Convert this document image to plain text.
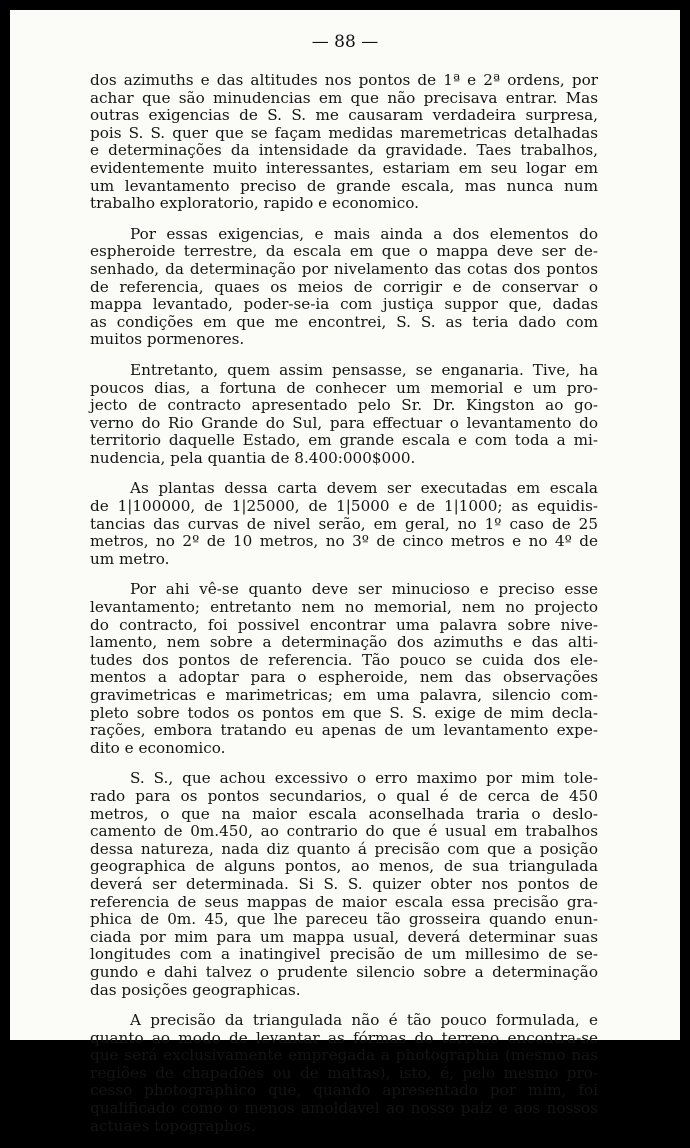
— 88 —

dos azimuths e das altitudes nos pontos de 1ª e 2ª ordens, por
achar que são minudencias em que não precisava entrar. Mas
outras exigencias de S. S. me causaram verdadeira surpresa,
pois S. S. quer que se façam medidas maremetricas detalhadas
e determinações da intensidade da gravidade. Taes trabalhos,
evidentemente muito interessantes, estariam em seu logar em
um levantamento preciso de grande escala, mas nunca num
trabalho exploratorio, rapido e economico.

Por essas exigencias, e mais ainda a dos elementos do
espheroide terrestre, da escala em que o mappa deve ser de-
senhado, da determinação por nivelamento das cotas dos pontos
de referencia, quaes os meios de corrigir e de conservar o
mappa levantado, poder-se-ia com justiça suppor que, dadas
as condições em que me encontrei, S. S. as teria dado com
muitos pormenores.

Entretanto, quem assim pensasse, se enganaria. Tive, ha
poucos dias, a fortuna de conhecer um memorial e um pro-
jecto de contracto apresentado pelo Sr. Dr. Kingston ao go-
verno do Rio Grande do Sul, para effectuar o levantamento do
territorio daquelle Estado, em grande escala e com toda a mi-
nudencia, pela quantia de 8.400:000$000.

As plantas dessa carta devem ser executadas em escala
de 1|100000, de 1|25000, de 1|5000 e de 1|1000; as equidis-
tancias das curvas de nivel serão, em geral, no 1º caso de 25
metros, no 2º de 10 metros, no 3º de cinco metros e no 4º de
um metro.

Por ahi vê-se quanto deve ser minucioso e preciso esse
levantamento; entretanto nem no memorial, nem no projecto
do contracto, foi possivel encontrar uma palavra sobre nive-
lamento, nem sobre a determinação dos azimuths e das alti-
tudes dos pontos de referencia. Tão pouco se cuida dos ele-
mentos a adoptar para o espheroide, nem das observações
gravimetricas e marimetricas; em uma palavra, silencio com-
pleto sobre todos os pontos em que S. S. exige de mim decla-
rações, embora tratando eu apenas de um levantamento expe-
dito e economico.

S. S., que achou excessivo o erro maximo por mim tole-
rado para os pontos secundarios, o qual é de cerca de 450
metros, o que na maior escala aconselhada traria o deslo-
camento de 0m.450, ao contrario do que é usual em trabalhos
dessa natureza, nada diz quanto á precisão com que a posição
geographica de alguns pontos, ao menos, de sua triangulada
deverá ser determinada. Si S. S. quizer obter nos pontos de
referencia de seus mappas de maior escala essa precisão gra-
phica de 0m. 45, que lhe pareceu tão grosseira quando enun-
ciada por mim para um mappa usual, deverá determinar suas
longitudes com a inatingivel precisão de um millesimo de se-
gundo e dahi talvez o prudente silencio sobre a determinação
das posições geographicas.

A precisão da triangulada não é tão pouco formulada, e
quanto ao modo de levantar as fórmas do terreno encontra-se
que será exclusivamente empregada a photographia (mesmo nas
regiões de chapadões ou de mattas), isto, é, pelo mesmo pro-
cesso photographico que, quando apresentado por mim, foi
qualificado como o menos amoldavel ao nosso paiz e aos nossos
actuaes topographos.
